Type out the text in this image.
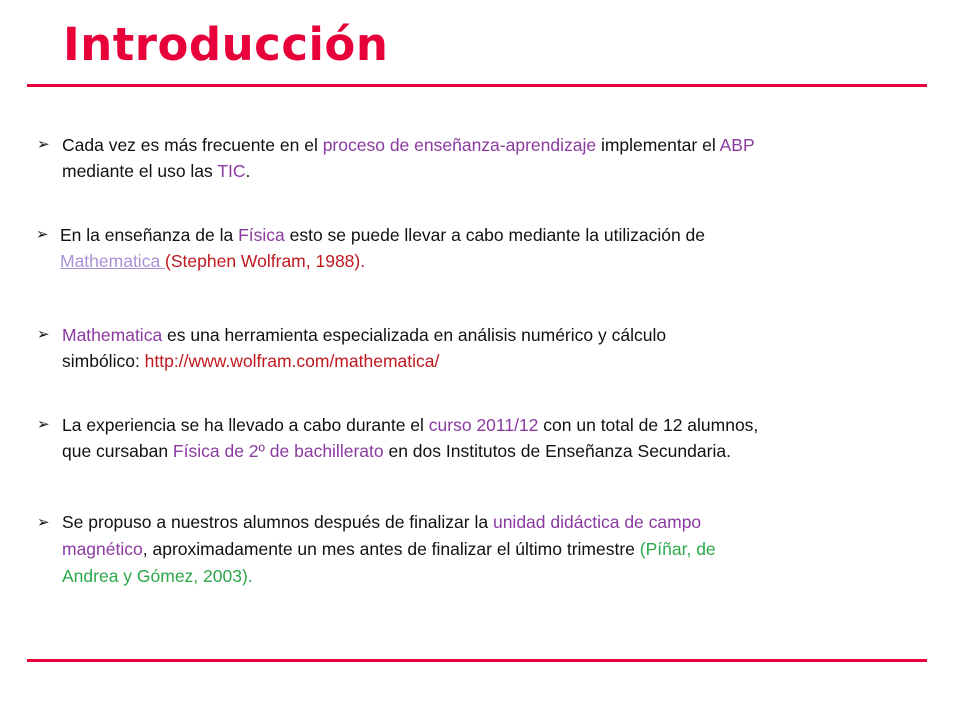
Introducción
➢ Cada vez es más frecuente en el proceso de enseñanza-aprendizaje implementar el ABP
mediante el uso las TIC.
➢ En la enseñanza de la Física esto se puede llevar a cabo mediante la utilización de
Mathematica (Stephen Wolfram, 1988).
➢ Mathematica es una herramienta especializada en análisis numérico y cálculo
simbólico: http://www.wolfram.com/mathematica/
➢ La experiencia se ha llevado a cabo durante el curso 2011/12 con un total de 12 alumnos,
que cursaban Física de 2º de bachillerato en dos Institutos de Enseñanza Secundaria.
➢ Se propuso a nuestros alumnos después de finalizar la unidad didáctica de campo
magnético, aproximadamente un mes antes de finalizar el último trimestre (Píñar, de
Andrea y Gómez, 2003).
